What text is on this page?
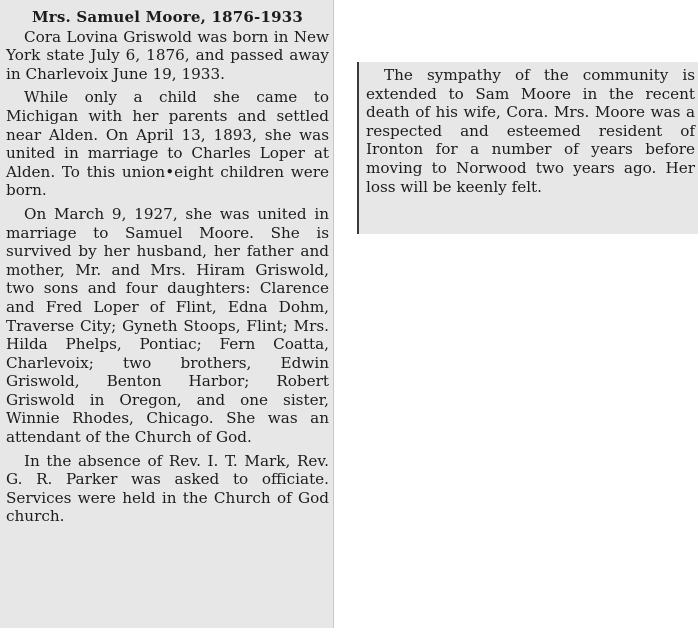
Mrs. Samuel Moore, 1876-1933

Cora Lovina Griswold was born in New York state July 6, 1876, and passed away in Charlevoix June 19, 1933.

While only a child she came to Michigan with her parents and settled near Alden. On April 13, 1893, she was united in marriage to Charles Loper at Alden. To this union•eight children were born.

On March 9, 1927, she was united in marriage to Samuel Moore. She is survived by her husband, her father and mother, Mr. and Mrs. Hiram Griswold, two sons and four daughters: Clarence and Fred Loper of Flint, Edna Dohm, Traverse City; Gyneth Stoops, Flint; Mrs. Hilda Phelps, Pontiac; Fern Coatta, Charlevoix; two brothers, Edwin Griswold, Benton Harbor; Robert Griswold in Oregon, and one sister, Winnie Rhodes, Chicago. She was an attendant of the Church of God.

In the absence of Rev. I. T. Mark, Rev. G. R. Parker was asked to officiate. Services were held in the Church of God church.

The sympathy of the community is extended to Sam Moore in the recent death of his wife, Cora. Mrs. Moore was a respected and esteemed resident of Ironton for a number of years before moving to Norwood two years ago. Her loss will be keenly felt.
